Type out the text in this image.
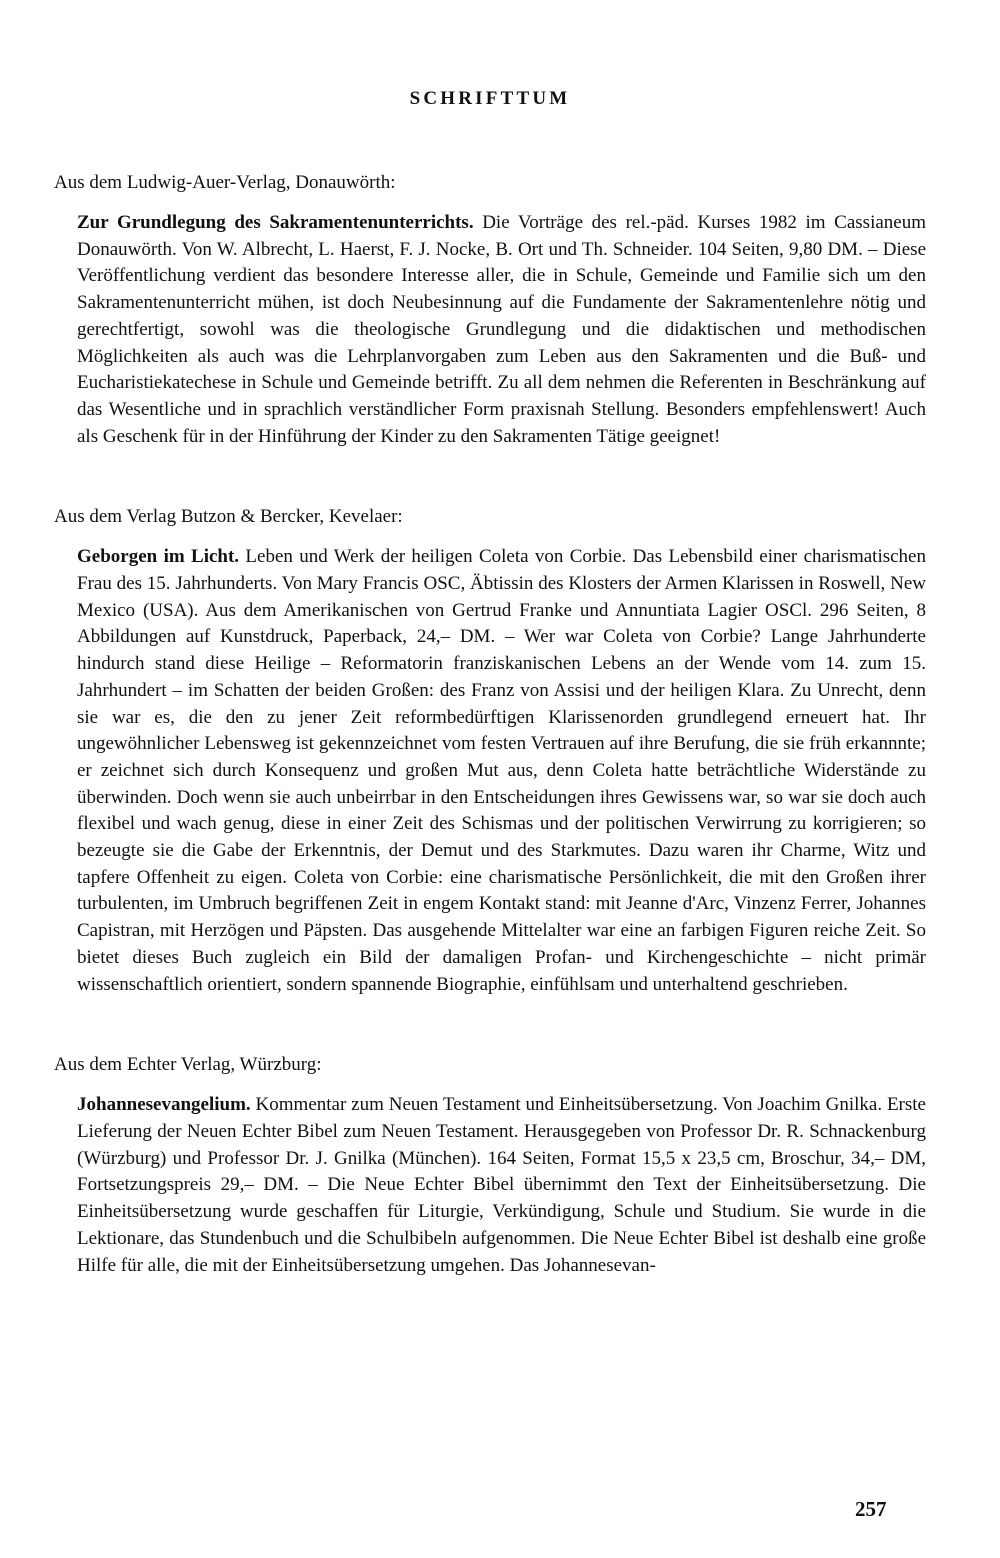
SCHRIFTTUM
Aus dem Ludwig-Auer-Verlag, Donauwörth:

Zur Grundlegung des Sakramentenunterrichts. Die Vorträge des rel.-päd. Kurses 1982 im Cassianeum Donauwörth. Von W. Albrecht, L. Haerst, F. J. Nocke, B. Ort und Th. Schneider. 104 Seiten, 9,80 DM. – Diese Veröffentlichung verdient das besondere Interesse aller, die in Schule, Gemeinde und Familie sich um den Sakramentenunterricht mühen, ist doch Neubesinnung auf die Fundamente der Sakramentenlehre nötig und gerechtfertigt, sowohl was die theologische Grundlegung und die didaktischen und methodischen Möglichkeiten als auch was die Lehrplanvorgaben zum Leben aus den Sakramenten und die Buß- und Eucharistiekatechese in Schule und Gemeinde betrifft. Zu all dem nehmen die Referenten in Beschränkung auf das Wesentliche und in sprachlich verständlicher Form praxisnah Stellung. Besonders empfehlenswert! Auch als Geschenk für in der Hinführung der Kinder zu den Sakramenten Tätige geeignet!

Aus dem Verlag Butzon & Bercker, Kevelaer:

Geborgen im Licht. Leben und Werk der heiligen Coleta von Corbie. Das Lebensbild einer charismatischen Frau des 15. Jahrhunderts. Von Mary Francis OSC, Äbtissin des Klosters der Armen Klarissen in Roswell, New Mexico (USA). Aus dem Amerikanischen von Gertrud Franke und Annuntiata Lagier OSCl. 296 Seiten, 8 Abbildungen auf Kunstdruck, Paperback, 24,– DM. – Wer war Coleta von Corbie? Lange Jahrhunderte hindurch stand diese Heilige – Reformatorin franziskanischen Lebens an der Wende vom 14. zum 15. Jahrhundert – im Schatten der beiden Großen: des Franz von Assisi und der heiligen Klara. Zu Unrecht, denn sie war es, die den zu jener Zeit reformbedürftigen Klarissenorden grundlegend erneuert hat. Ihr ungewöhnlicher Lebensweg ist gekennzeichnet vom festen Vertrauen auf ihre Berufung, die sie früh erkannnte; er zeichnet sich durch Konsequenz und großen Mut aus, denn Coleta hatte beträchtliche Widerstände zu überwinden. Doch wenn sie auch unbeirrbar in den Entscheidungen ihres Gewissens war, so war sie doch auch flexibel und wach genug, diese in einer Zeit des Schismas und der politischen Verwirrung zu korrigieren; so bezeugte sie die Gabe der Erkenntnis, der Demut und des Starkmutes. Dazu waren ihr Charme, Witz und tapfere Offenheit zu eigen. Coleta von Corbie: eine charismatische Persönlichkeit, die mit den Großen ihrer turbulenten, im Umbruch begriffenen Zeit in engem Kontakt stand: mit Jeanne d'Arc, Vinzenz Ferrer, Johannes Capistran, mit Herzögen und Päpsten. Das ausgehende Mittelalter war eine an farbigen Figuren reiche Zeit. So bietet dieses Buch zugleich ein Bild der damaligen Profan- und Kirchengeschichte – nicht primär wissenschaftlich orientiert, sondern spannende Biographie, einfühlsam und unterhaltend geschrieben.

Aus dem Echter Verlag, Würzburg:

Johannesevangelium. Kommentar zum Neuen Testament und Einheitsübersetzung. Von Joachim Gnilka. Erste Lieferung der Neuen Echter Bibel zum Neuen Testament. Herausgegeben von Professor Dr. R. Schnackenburg (Würzburg) und Professor Dr. J. Gnilka (München). 164 Seiten, Format 15,5 x 23,5 cm, Broschur, 34,– DM, Fortsetzungspreis 29,– DM. – Die Neue Echter Bibel übernimmt den Text der Einheitsübersetzung. Die Einheitsübersetzung wurde geschaffen für Liturgie, Verkündigung, Schule und Studium. Sie wurde in die Lektionare, das Stundenbuch und die Schulbibeln aufgenommen. Die Neue Echter Bibel ist deshalb eine große Hilfe für alle, die mit der Einheitsübersetzung umgehen. Das Johannesevan-

257
